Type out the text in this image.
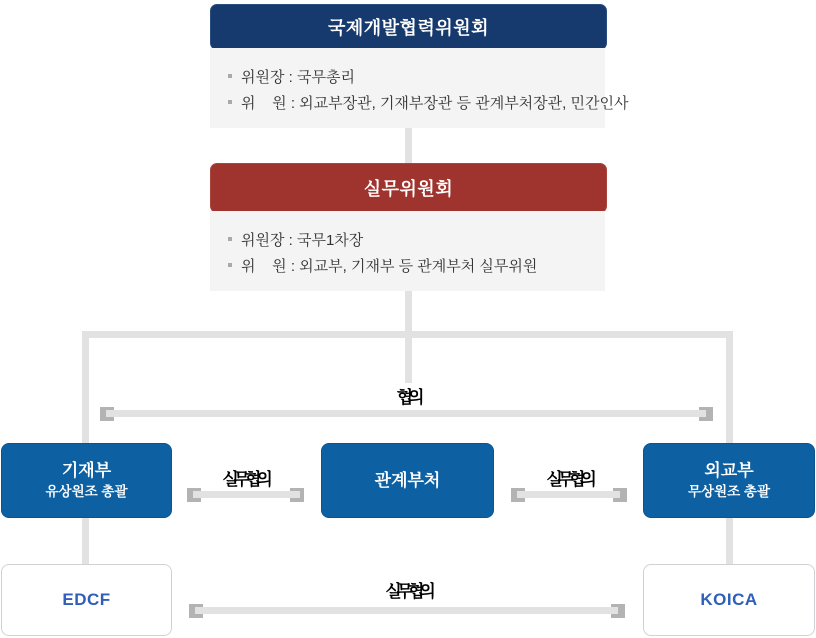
국제개발협력위원회
위원장 : 국무총리
위    원 : 외교부장관, 기재부장관 등 관계부처장관, 민간인사
실무위원회
위원장 : 국무1차장
위    원 : 외교부, 기재부 등 관계부처 실무위원
협의
기재부
유상원조 총괄
관계부처	외교부
무상원조 총괄
실무협의	실무협의
EDCF	KOICA
실무협의
